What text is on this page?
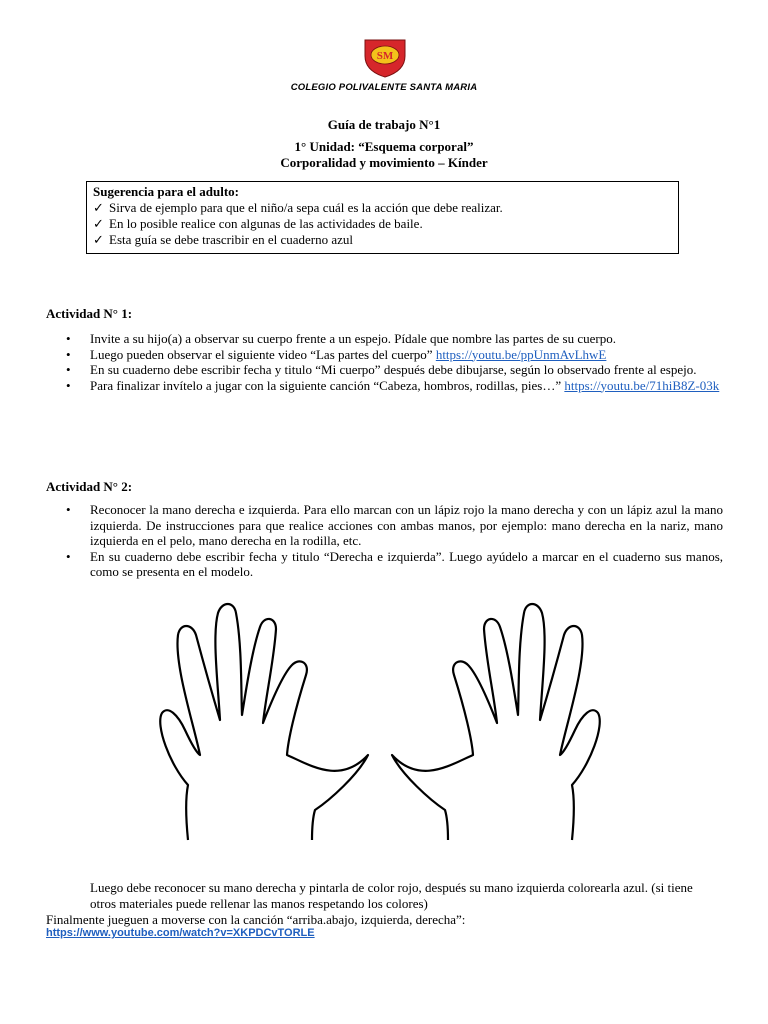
SM
COLEGIO POLIVALENTE SANTA MARIA
Guía de trabajo N°1
1° Unidad: “Esquema corporal”
Corporalidad y movimiento – Kínder
Sugerencia para el adulto:
✓ Sirva de ejemplo para que el niño/a sepa cuál es la acción que debe realizar.
✓ En lo posible realice con algunas de las actividades de baile.
✓ Esta guía se debe trascribir en el cuaderno azul
Actividad N° 1:
• Invite a su hijo(a) a observar su cuerpo frente a un espejo. Pídale que nombre las partes de su cuerpo.
• Luego pueden observar el siguiente video “Las partes del cuerpo” https://youtu.be/ppUnmAvLhwE
• En su cuaderno debe escribir fecha y titulo “Mi cuerpo” después debe dibujarse, según lo observado frente al espejo.
• Para finalizar invítelo a jugar con la siguiente canción “Cabeza, hombros, rodillas, pies…” https://youtu.be/71hiB8Z-03k
Actividad N° 2:
• Reconocer la mano derecha e izquierda. Para ello marcan con un lápiz rojo la mano derecha y con un lápiz azul la mano izquierda. De instrucciones para que realice acciones con ambas manos, por ejemplo: mano derecha en la nariz, mano izquierda en el pelo, mano derecha en la rodilla, etc.
• En su cuaderno debe escribir fecha y titulo “Derecha e izquierda”. Luego ayúdelo a marcar en el cuaderno sus manos, como se presenta en el modelo.
Luego debe reconocer su mano derecha y pintarla de color rojo, después su mano izquierda colorearla azul. (si tiene otros materiales puede rellenar las manos respetando los colores)
Finalmente jueguen a moverse con la canción “arriba.abajo, izquierda, derecha”:
https://www.youtube.com/watch?v=XKPDCvTORLE
